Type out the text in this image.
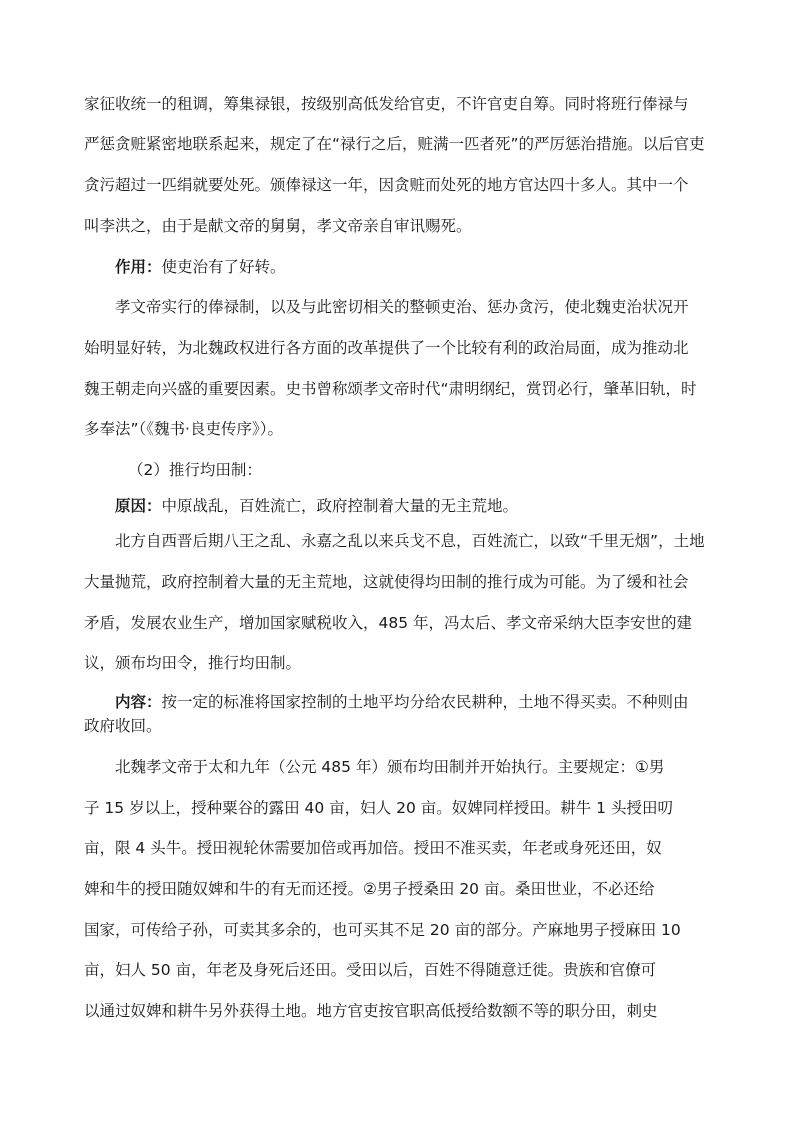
家征收统一的租调，筹集禄银，按级别高低发给官吏，不许官吏自筹。同时将班行俸禄与
严惩贪赃紧密地联系起来，规定了在“禄行之后，赃满一匹者死”的严厉惩治措施。以后官吏
贪污超过一匹绢就要处死。颁俸禄这一年，因贪赃而处死的地方官达四十多人。其中一个
叫李洪之，由于是献文帝的舅舅，孝文帝亲自审讯赐死。
作用：使吏治有了好转。
孝文帝实行的俸禄制，以及与此密切相关的整顿吏治、惩办贪污，使北魏吏治状况开
始明显好转，为北魏政权进行各方面的改革提供了一个比较有利的政治局面，成为推动北
魏王朝走向兴盛的重要因素。史书曾称颂孝文帝时代“肃明纲纪，赏罚必行，肇革旧轨，时
多奉法”（《魏书·良吏传序》）。
（2）推行均田制：
原因：中原战乱，百姓流亡，政府控制着大量的无主荒地。
北方自西晋后期八王之乱、永嘉之乱以来兵戈不息，百姓流亡，以致“千里无烟”，土地
大量抛荒，政府控制着大量的无主荒地，这就使得均田制的推行成为可能。为了缓和社会
矛盾，发展农业生产，增加国家赋税收入，485 年，冯太后、孝文帝采纳大臣李安世的建
议，颁布均田令，推行均田制。
内容：按一定的标准将国家控制的土地平均分给农民耕种，土地不得买卖。不种则由
政府收回。
北魏孝文帝于太和九年（公元 485 年）颁布均田制并开始执行。主要规定：①男
子 15 岁以上，授种粟谷的露田 40 亩，妇人 20 亩。奴婢同样授田。耕牛 1 头授田叨
亩，限 4 头牛。授田视轮休需要加倍或再加倍。授田不准买卖，年老或身死还田，奴
婢和牛的授田随奴婢和牛的有无而还授。②男子授桑田 20 亩。桑田世业，不必还给
国家，可传给子孙，可卖其多余的，也可买其不足 20 亩的部分。产麻地男子授麻田 10
亩，妇人 50 亩，年老及身死后还田。受田以后，百姓不得随意迁徙。贵族和官僚可
以通过奴婢和耕牛另外获得土地。地方官吏按官职高低授给数额不等的职分田，刺史
